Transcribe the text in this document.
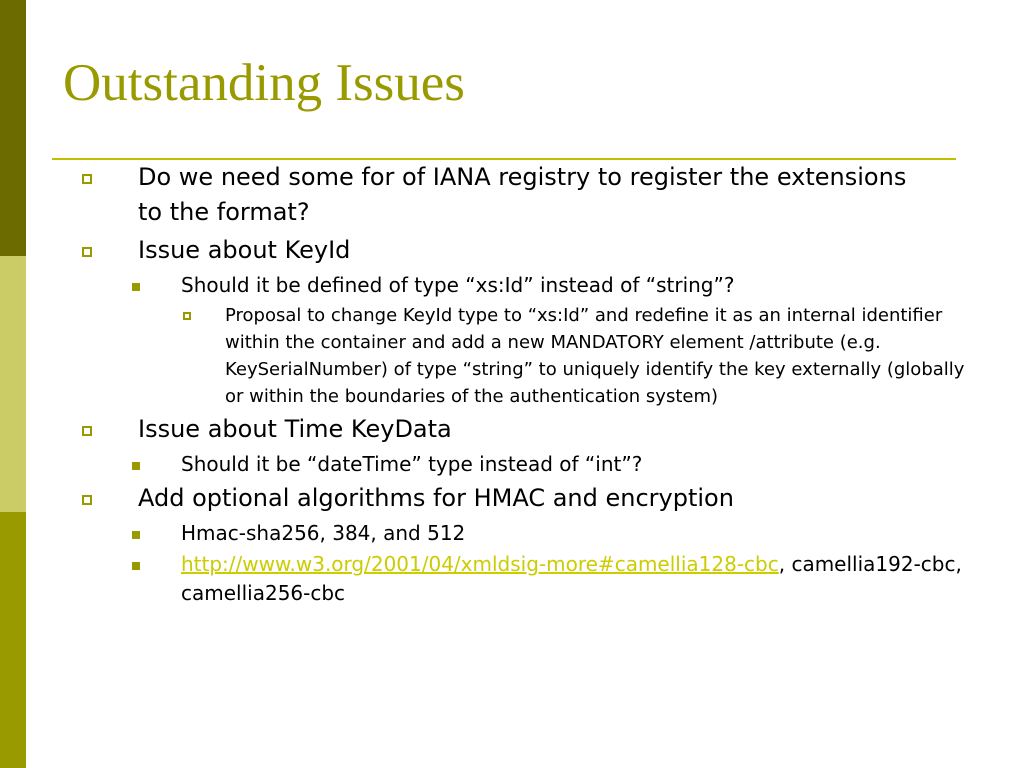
Outstanding Issues
Do we need some for of IANA registry to register the extensions to the format?
Issue about KeyId
Should it be defined of type “xs:Id” instead of “string”?
Proposal to change KeyId type to “xs:Id” and redefine it as an internal identifier within the container and add a new MANDATORY element /attribute (e.g. KeySerialNumber) of type “string” to uniquely identify the key externally (globally or within the boundaries of the authentication system)
Issue about Time KeyData
Should it be “dateTime” type instead of “int”?
Add optional algorithms for HMAC and encryption
Hmac-sha256, 384, and 512
http://www.w3.org/2001/04/xmldsig-more#camellia128-cbc, camellia192-cbc, camellia256-cbc
